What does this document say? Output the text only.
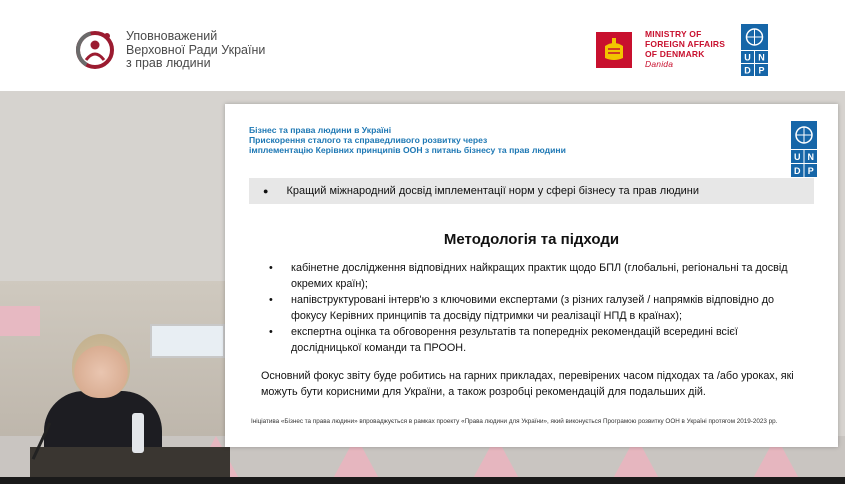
Уповноважений
Верховної Ради України
з прав людини
MINISTRY OF
FOREIGN AFFAIRS
OF DENMARK
Danida
U N
D P
Бізнес та права людини в Україні
Прискорення сталого та справедливого розвитку через
імплементацію Керівних принципів ООН з питань бізнесу та прав людини
U N
D P
● Кращий міжнародний досвід імплементації норм у сфері бізнесу та прав людини
Методологія та підходи
• кабінетне дослідження відповідних найкращих практик щодо БПЛ (глобальні, регіональні та досвід окремих країн);
• напівструктуровані інтерв'ю з ключовими експертами (з різних галузей / напрямків відповідно до фокусу Керівних принципів та досвіду підтримки чи реалізації НПД в країнах);
• експертна оцінка та обговорення результатів та попередніх рекомендацій всередині всієї дослідницької команди та ПРООН.
Основний фокус звіту буде робитись на гарних прикладах, перевірених часом підходах та /або уроках, які можуть бути корисними для України, а також розробці рекомендацій для подальших дій.
Ініціатива «Бізнес та права людини» впроваджується в рамках проекту «Права людини для України», який виконується Програмою розвитку ООН в Україні протягом 2019-2023 рр.
